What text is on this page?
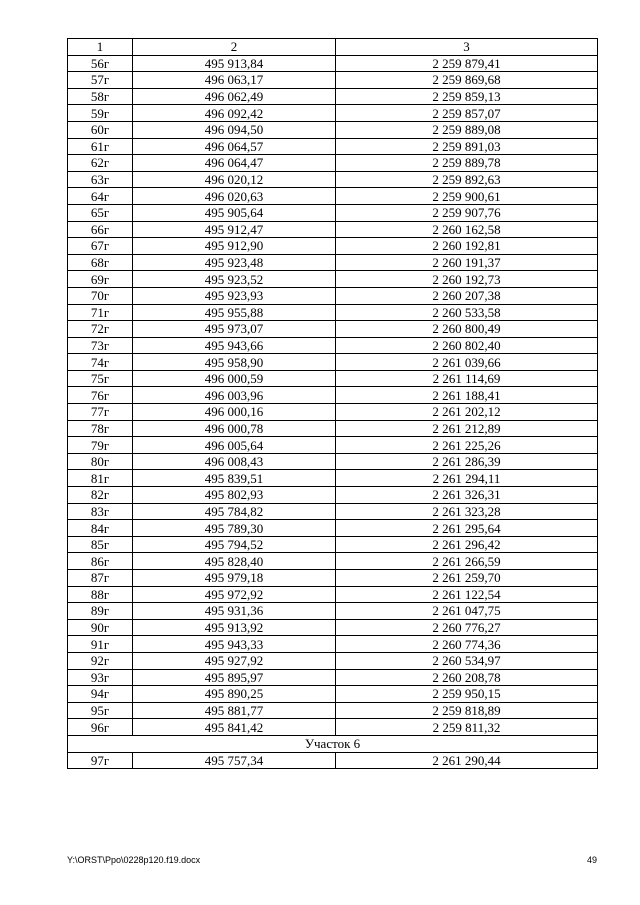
1	2	3
56г	495 913,84	2 259 879,41
57г	496 063,17	2 259 869,68
58г	496 062,49	2 259 859,13
59г	496 092,42	2 259 857,07
60г	496 094,50	2 259 889,08
61г	496 064,57	2 259 891,03
62г	496 064,47	2 259 889,78
63г	496 020,12	2 259 892,63
64г	496 020,63	2 259 900,61
65г	495 905,64	2 259 907,76
66г	495 912,47	2 260 162,58
67г	495 912,90	2 260 192,81
68г	495 923,48	2 260 191,37
69г	495 923,52	2 260 192,73
70г	495 923,93	2 260 207,38
71г	495 955,88	2 260 533,58
72г	495 973,07	2 260 800,49
73г	495 943,66	2 260 802,40
74г	495 958,90	2 261 039,66
75г	496 000,59	2 261 114,69
76г	496 003,96	2 261 188,41
77г	496 000,16	2 261 202,12
78г	496 000,78	2 261 212,89
79г	496 005,64	2 261 225,26
80г	496 008,43	2 261 286,39
81г	495 839,51	2 261 294,11
82г	495 802,93	2 261 326,31
83г	495 784,82	2 261 323,28
84г	495 789,30	2 261 295,64
85г	495 794,52	2 261 296,42
86г	495 828,40	2 261 266,59
87г	495 979,18	2 261 259,70
88г	495 972,92	2 261 122,54
89г	495 931,36	2 261 047,75
90г	495 913,92	2 260 776,27
91г	495 943,33	2 260 774,36
92г	495 927,92	2 260 534,97
93г	495 895,97	2 260 208,78
94г	495 890,25	2 259 950,15
95г	495 881,77	2 259 818,89
96г	495 841,42	2 259 811,32
Участок 6		
97г	495 757,34	2 261 290,44
Y:\ORST\Ppo\0228p120.f19.docx	49
